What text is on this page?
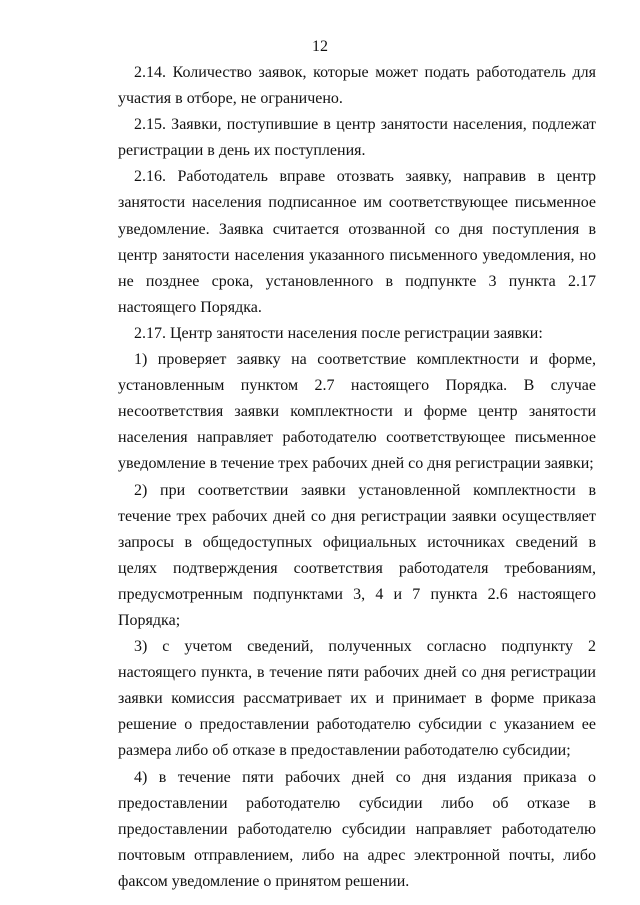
12

2.14. Количество заявок, которые может подать работодатель для участия в отборе, не ограничено.

2.15. Заявки, поступившие в центр занятости населения, подлежат регистрации в день их поступления.

2.16. Работодатель вправе отозвать заявку, направив в центр занятости населения подписанное им соответствующее письменное уведомление. Заявка считается отозванной со дня поступления в центр занятости населения указанного письменного уведомления, но не позднее срока, установленного в подпункте 3 пункта 2.17 настоящего Порядка.

2.17. Центр занятости населения после регистрации заявки:

1) проверяет заявку на соответствие комплектности и форме, установленным пунктом 2.7 настоящего Порядка. В случае несоответствия заявки комплектности и форме центр занятости населения направляет работодателю соответствующее письменное уведомление в течение трех рабочих дней со дня регистрации заявки;

2) при соответствии заявки установленной комплектности в течение трех рабочих дней со дня регистрации заявки осуществляет запросы в общедоступных официальных источниках сведений в целях подтверждения соответствия работодателя требованиям, предусмотренным подпунктами 3, 4 и 7 пункта 2.6 настоящего Порядка;

3) с учетом сведений, полученных согласно подпункту 2 настоящего пункта, в течение пяти рабочих дней со дня регистрации заявки комиссия рассматривает их и принимает в форме приказа решение о предоставлении работодателю субсидии с указанием ее размера либо об отказе в предоставлении работодателю субсидии;

4) в течение пяти рабочих дней со дня издания приказа о предоставлении работодателю субсидии либо об отказе в предоставлении работодателю субсидии направляет работодателю почтовым отправлением, либо на адрес электронной почты, либо факсом уведомление о принятом решении.
